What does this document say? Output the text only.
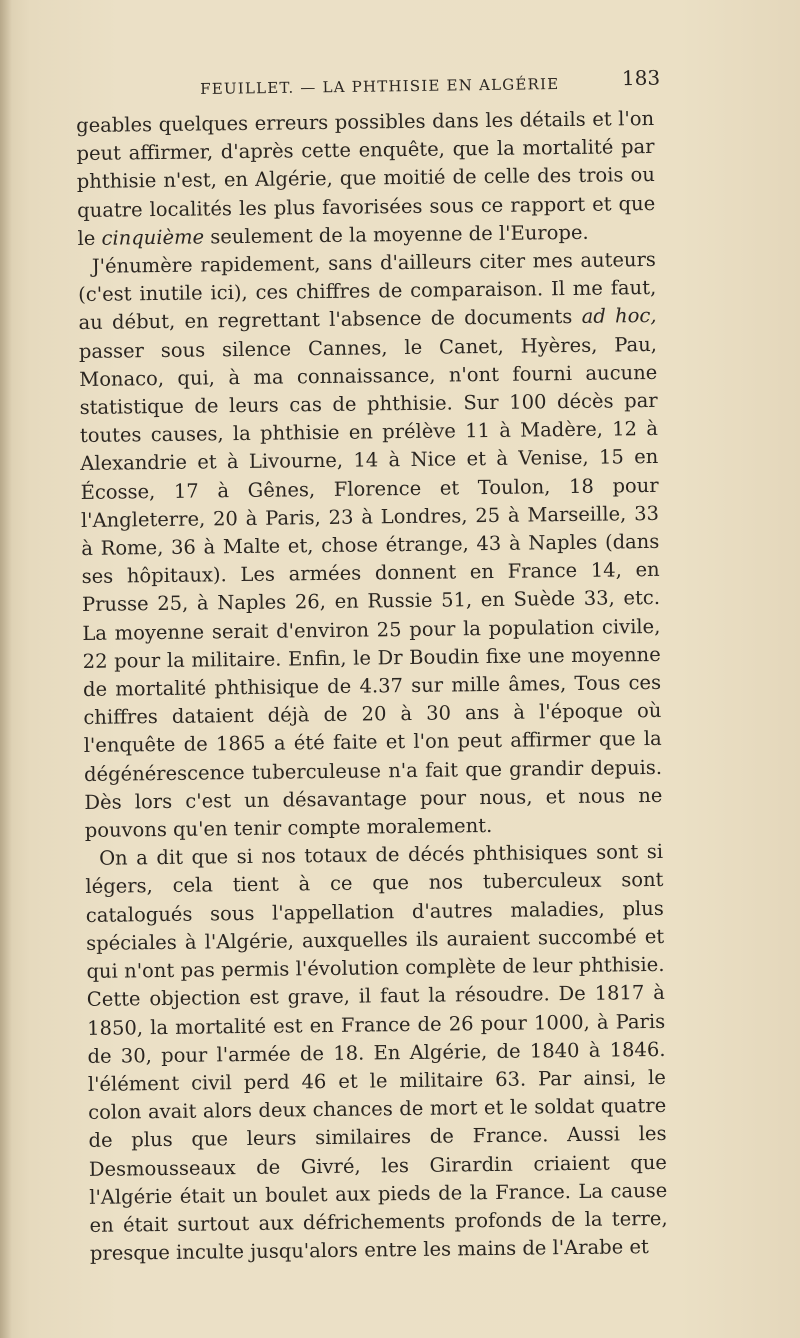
FEUILLET. — LA PHTHISIE EN ALGÉRIE	183

geables quelques erreurs possibles dans les détails et l'on peut affirmer, d'après cette enquête, que la mortalité par phthisie n'est, en Algérie, que moitié de celle des trois ou quatre localités les plus favorisées sous ce rapport et que le cinquième seulement de la moyenne de l'Europe.

J'énumère rapidement, sans d'ailleurs citer mes auteurs (c'est inutile ici), ces chiffres de comparaison. Il me faut, au début, en regrettant l'absence de documents ad hoc, passer sous silence Cannes, le Canet, Hyères, Pau, Monaco, qui, à ma connaissance, n'ont fourni aucune statistique de leurs cas de phthisie. Sur 100 décès par toutes causes, la phthisie en prélève 11 à Madère, 12 à Alexandrie et à Livourne, 14 à Nice et à Venise, 15 en Écosse, 17 à Gênes, Florence et Toulon, 18 pour l'Angleterre, 20 à Paris, 23 à Londres, 25 à Marseille, 33 à Rome, 36 à Malte et, chose étrange, 43 à Naples (dans ses hôpitaux). Les armées donnent en France 14, en Prusse 25, à Naples 26, en Russie 51, en Suède 33, etc. La moyenne serait d'environ 25 pour la population civile, 22 pour la militaire. Enfin, le Dr Boudin fixe une moyenne de mortalité phthisique de 4.37 sur mille âmes, Tous ces chiffres dataient déjà de 20 à 30 ans à l'époque où l'enquête de 1865 a été faite et l'on peut affirmer que la dégénérescence tuberculeuse n'a fait que grandir depuis. Dès lors c'est un désavantage pour nous, et nous ne pouvons qu'en tenir compte moralement.

On a dit que si nos totaux de décés phthisiques sont si légers, cela tient à ce que nos tuberculeux sont catalogués sous l'appellation d'autres maladies, plus spéciales à l'Algérie, auxquelles ils auraient succombé et qui n'ont pas permis l'évolution complète de leur phthisie. Cette objection est grave, il faut la résoudre. De 1817 à 1850, la mortalité est en France de 26 pour 1000, à Paris de 30, pour l'armée de 18. En Algérie, de 1840 à 1846. l'élément civil perd 46 et le militaire 63. Par ainsi, le colon avait alors deux chances de mort et le soldat quatre de plus que leurs similaires de France. Aussi les Desmousseaux de Givré, les Girardin criaient que l'Algérie était un boulet aux pieds de la France. La cause en était surtout aux défrichements profonds de la terre, presque inculte jusqu'alors entre les mains de l'Arabe et
